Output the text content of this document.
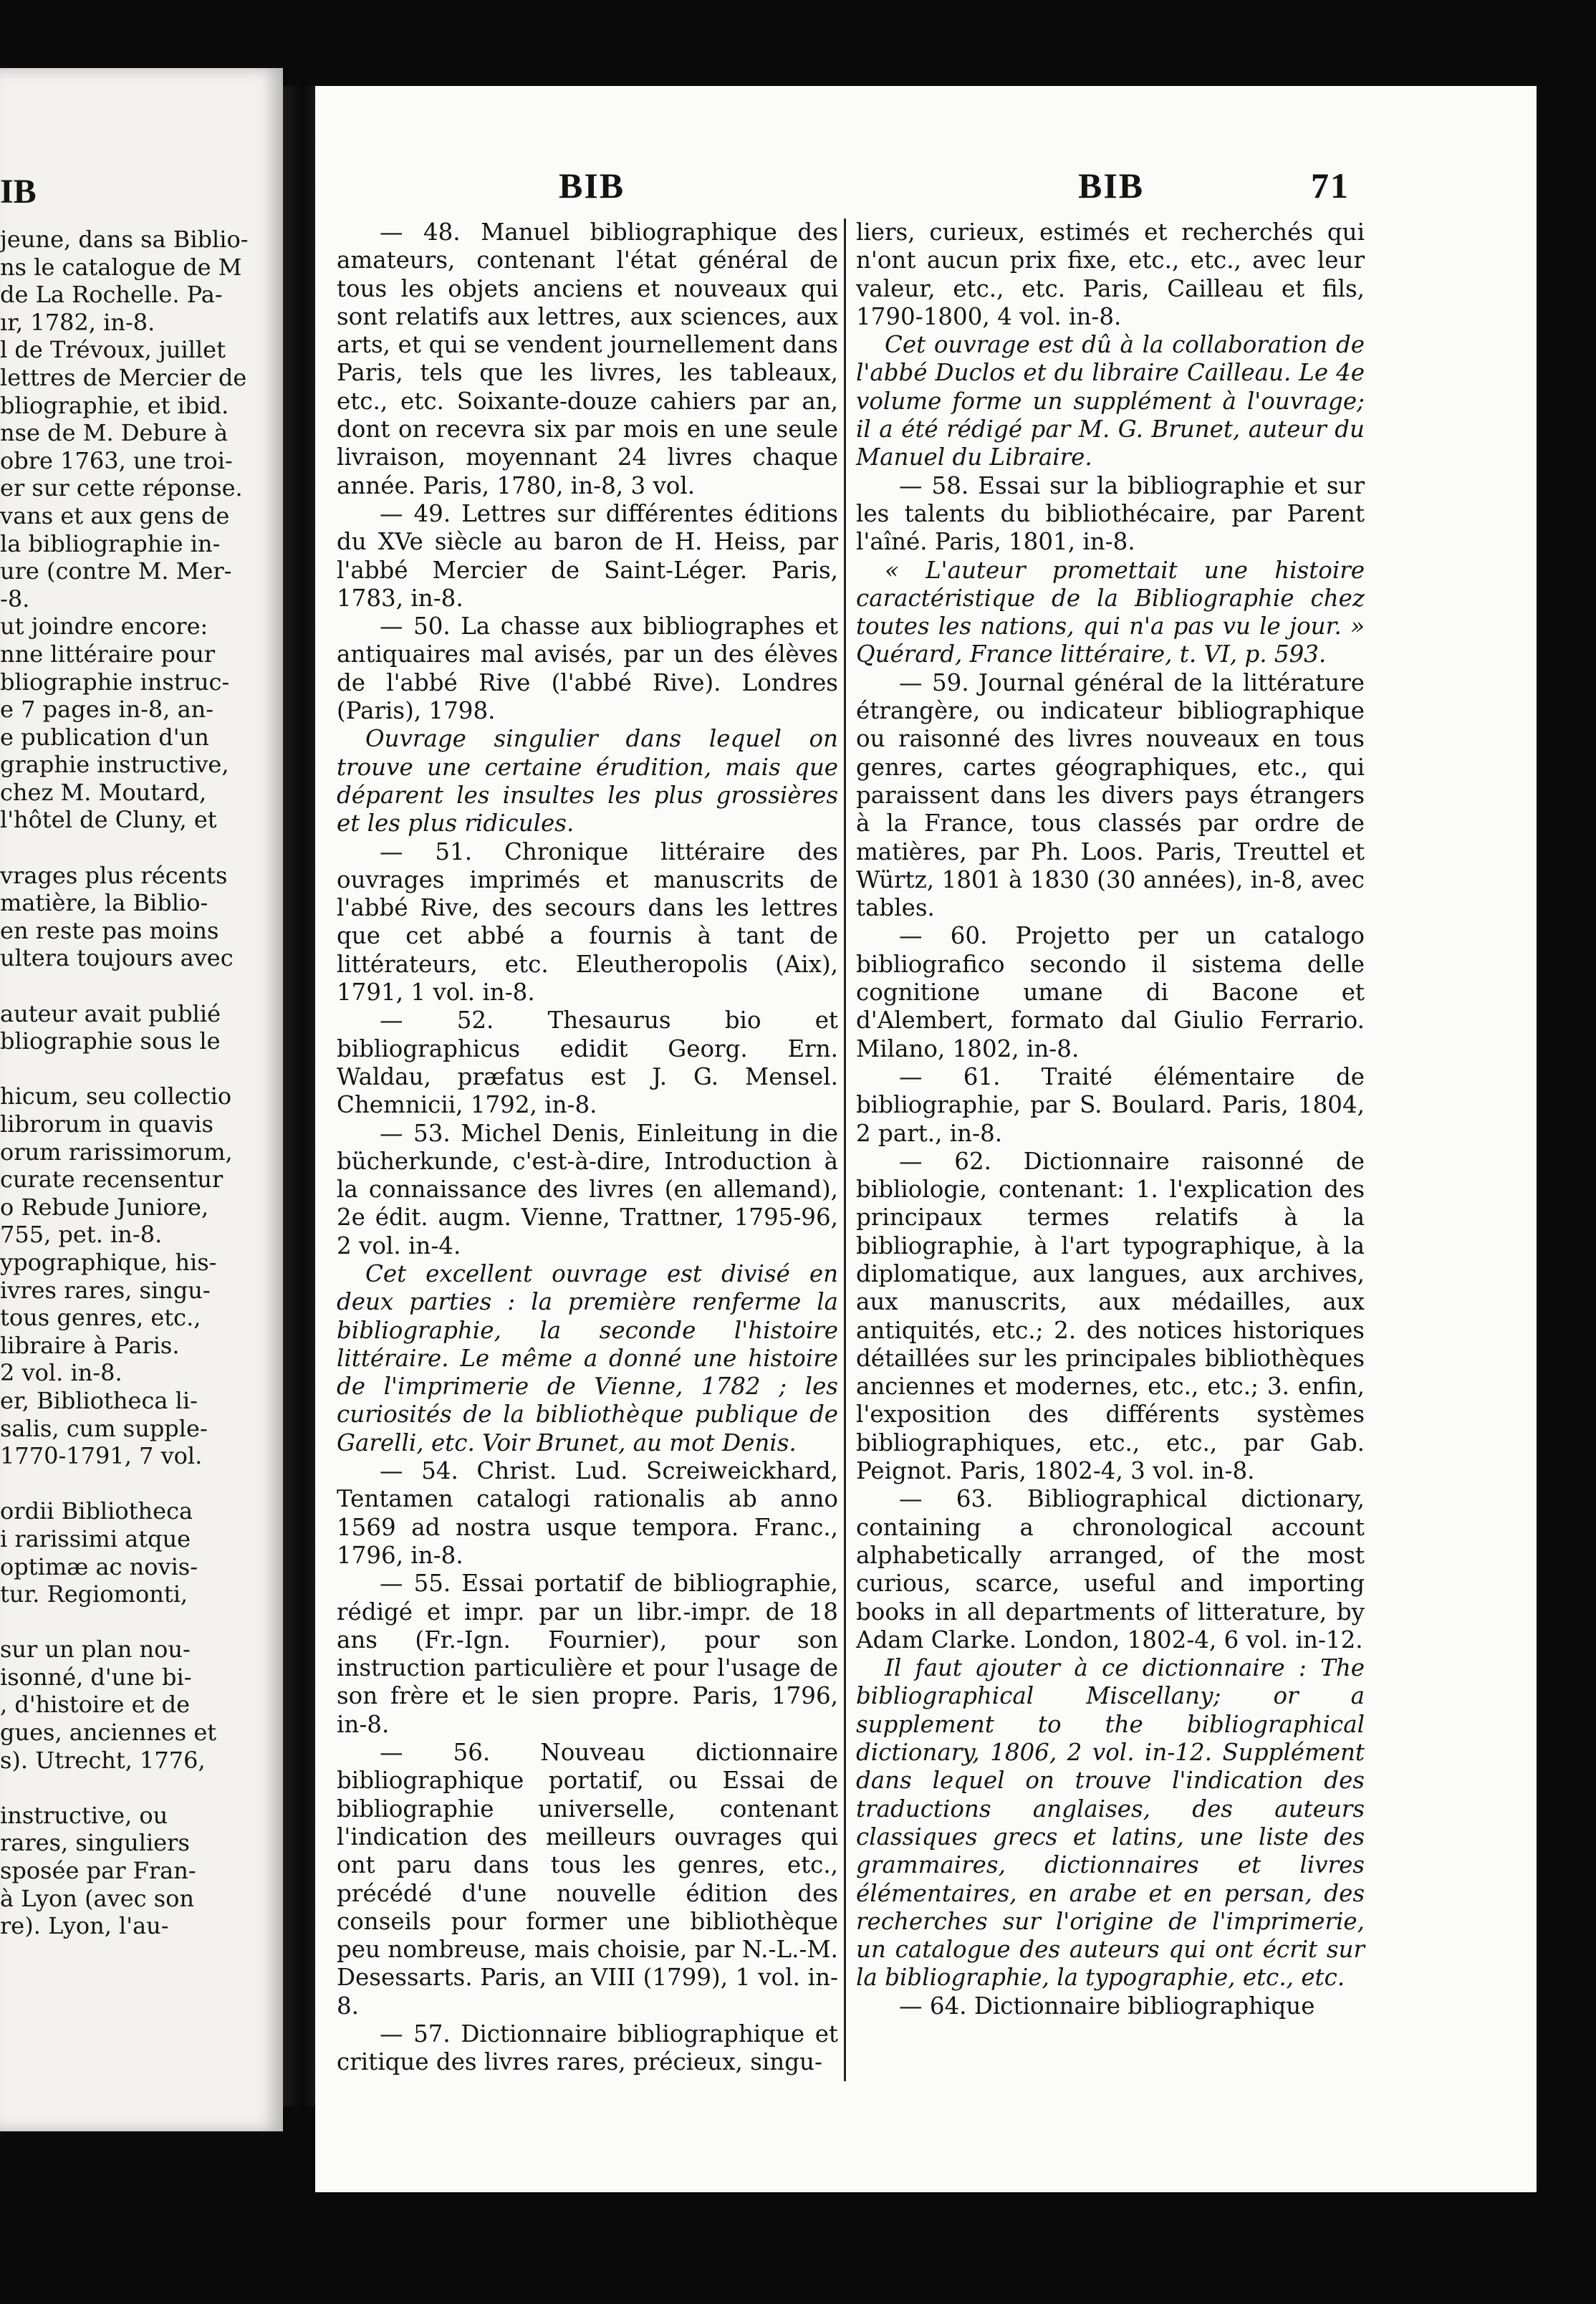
IB
jeune, dans sa Biblio-
ns le catalogue de M
de La Rochelle. Pa-
ır, 1782, in-8.
l de Trévoux, juillet
lettres de Mercier de
bliographie, et ibid.
nse de M. Debure à
obre 1763, une troi-
er sur cette réponse.
vans et aux gens de
la bibliographie in-
ure (contre M. Mer-
-8.
ut joindre encore:
nne littéraire pour
bliographie instruc-
e 7 pages in-8, an-
e publication d'un
graphie instructive,
chez M. Moutard,
l'hôtel de Cluny, et

vrages plus récents
matière, la Biblio-
en reste pas moins
ultera toujours avec

auteur avait publié
bliographie sous le

hicum, seu collectio
librorum in quavis
orum rarissimorum,
curate recensentur
o Rebude Juniore,
755, pet. in-8.
ypographique, his-
ivres rares, singu-
tous genres, etc.,
libraire à Paris.
2 vol. in-8.
er, Bibliotheca li-
salis, cum supple-
1770-1791, 7 vol.

ordii Bibliotheca
i rarissimi atque
optimæ ac novis-
tur. Regiomonti,

sur un plan nou-
isonné, d'une bi-
, d'histoire et de
gues, anciennes et
s). Utrecht, 1776,

instructive, ou
rares, singuliers
sposée par Fran-
à Lyon (avec son
re). Lyon, l'au-
BIB	BIB	71

— 48. Manuel bibliographique des amateurs, contenant l'état général de tous les objets anciens et nouveaux qui sont relatifs aux lettres, aux sciences, aux arts, et qui se vendent journellement dans Paris, tels que les livres, les tableaux, etc., etc. Soixante-douze cahiers par an, dont on recevra six par mois en une seule livraison, moyennant 24 livres chaque année. Paris, 1780, in-8, 3 vol.

— 49. Lettres sur différentes éditions du XVe siècle au baron de H. Heiss, par l'abbé Mercier de Saint-Léger. Paris, 1783, in-8.

— 50. La chasse aux bibliographes et antiquaires mal avisés, par un des élèves de l'abbé Rive (l'abbé Rive). Londres (Paris), 1798.

Ouvrage singulier dans lequel on trouve une certaine érudition, mais que déparent les insultes les plus grossières et les plus ridicules.

— 51. Chronique littéraire des ouvrages imprimés et manuscrits de l'abbé Rive, des secours dans les lettres que cet abbé a fournis à tant de littérateurs, etc. Eleutheropolis (Aix), 1791, 1 vol. in-8.

— 52. Thesaurus bio et bibliographicus edidit Georg. Ern. Waldau, præfatus est J. G. Mensel. Chemnicii, 1792, in-8.

— 53. Michel Denis, Einleitung in die bücherkunde, c'est-à-dire, Introduction à la connaissance des livres (en allemand), 2e édit. augm. Vienne, Trattner, 1795-96, 2 vol. in-4.

Cet excellent ouvrage est divisé en deux parties : la première renferme la bibliographie, la seconde l'histoire littéraire. Le même a donné une histoire de l'imprimerie de Vienne, 1782 ; les curiosités de la bibliothèque publique de Garelli, etc. Voir Brunet, au mot Denis.

— 54. Christ. Lud. Screiweickhard, Tentamen catalogi rationalis ab anno 1569 ad nostra usque tempora. Franc., 1796, in-8.

— 55. Essai portatif de bibliographie, rédigé et impr. par un libr.-impr. de 18 ans (Fr.-Ign. Fournier), pour son instruction particulière et pour l'usage de son frère et le sien propre. Paris, 1796, in-8.

— 56. Nouveau dictionnaire bibliographique portatif, ou Essai de bibliographie universelle, contenant l'indication des meilleurs ouvrages qui ont paru dans tous les genres, etc., précédé d'une nouvelle édition des conseils pour former une bibliothèque peu nombreuse, mais choisie, par N.-L.-M. Desessarts. Paris, an VIII (1799), 1 vol. in-8.

— 57. Dictionnaire bibliographique et critique des livres rares, précieux, singu-

liers, curieux, estimés et recherchés qui n'ont aucun prix fixe, etc., etc., avec leur valeur, etc., etc. Paris, Cailleau et fils, 1790-1800, 4 vol. in-8.

Cet ouvrage est dû à la collaboration de l'abbé Duclos et du libraire Cailleau. Le 4e volume forme un supplément à l'ouvrage; il a été rédigé par M. G. Brunet, auteur du Manuel du Libraire.

— 58. Essai sur la bibliographie et sur les talents du bibliothécaire, par Parent l'aîné. Paris, 1801, in-8.

« L'auteur promettait une histoire caractéristique de la Bibliographie chez toutes les nations, qui n'a pas vu le jour. » Quérard, France littéraire, t. VI, p. 593.

— 59. Journal général de la littérature étrangère, ou indicateur bibliographique ou raisonné des livres nouveaux en tous genres, cartes géographiques, etc., qui paraissent dans les divers pays étrangers à la France, tous classés par ordre de matières, par Ph. Loos. Paris, Treuttel et Würtz, 1801 à 1830 (30 années), in-8, avec tables.

— 60. Projetto per un catalogo bibliografico secondo il sistema delle cognitione umane di Bacone et d'Alembert, formato dal Giulio Ferrario. Milano, 1802, in-8.

— 61. Traité élémentaire de bibliographie, par S. Boulard. Paris, 1804, 2 part., in-8.

— 62. Dictionnaire raisonné de bibliologie, contenant: 1. l'explication des principaux termes relatifs à la bibliographie, à l'art typographique, à la diplomatique, aux langues, aux archives, aux manuscrits, aux médailles, aux antiquités, etc.; 2. des notices historiques détaillées sur les principales bibliothèques anciennes et modernes, etc., etc.; 3. enfin, l'exposition des différents systèmes bibliographiques, etc., etc., par Gab. Peignot. Paris, 1802-4, 3 vol. in-8.

— 63. Bibliographical dictionary, containing a chronological account alphabetically arranged, of the most curious, scarce, useful and importing books in all departments of litterature, by Adam Clarke. London, 1802-4, 6 vol. in-12.

Il faut ajouter à ce dictionnaire : The bibliographical Miscellany; or a supplement to the bibliographical dictionary, 1806, 2 vol. in-12. Supplément dans lequel on trouve l'indication des traductions anglaises, des auteurs classiques grecs et latins, une liste des grammaires, dictionnaires et livres élémentaires, en arabe et en persan, des recherches sur l'origine de l'imprimerie, un catalogue des auteurs qui ont écrit sur la bibliographie, la typographie, etc., etc.

— 64. Dictionnaire bibliographique
